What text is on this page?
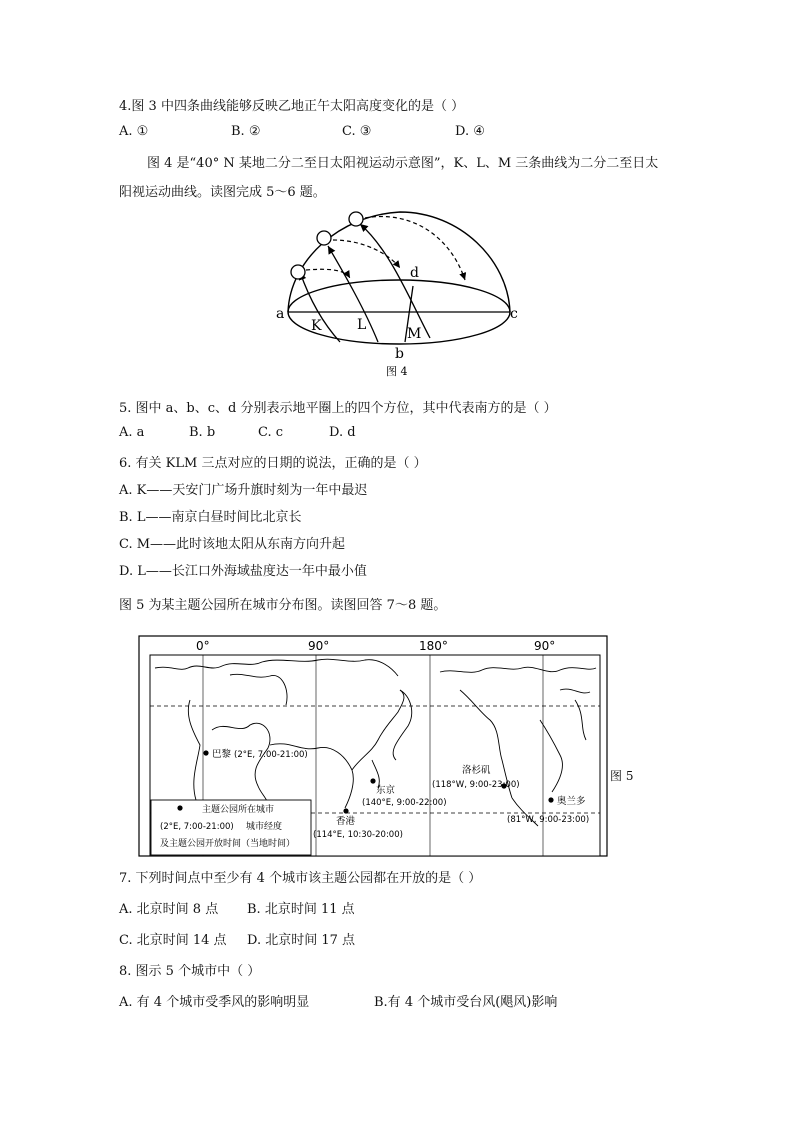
4.图 3 中四条曲线能够反映乙地正午太阳高度变化的是（ ）
A. ①	B. ②	C. ③	D. ④
图 4 是“40° N 某地二分二至日太阳视运动示意图”，K、L、M 三条曲线为二分二至日太
阳视运动曲线。读图完成 5～6 题。
a	c
b
d
K	L
M
图 4
5. 图中 a、b、c、d 分别表示地平圈上的四个方位，其中代表南方的是（ ）
A. a	B. b	C. c	D. d
6. 有关 KLM 三点对应的日期的说法，正确的是（ ）
A. K——天安门广场升旗时刻为一年中最迟
B. L——南京白昼时间比北京长
C. M——此时该地太阳从东南方向升起
D. L——长江口外海域盐度达一年中最小值
图 5 为某主题公园所在城市分布图。读图回答 7～8 题。
0°	90°	180°	90°
巴黎 (2°E, 7:00-21:00)
东京
(140°E, 9:00-22:00)
香港
(114°E, 10:30-20:00)
洛杉矶
(118°W, 9:00-23:00)
奥兰多
(81°W, 9:00-23:00)
主题公园所在城市
(2°E, 7:00-21:00) 城市经度
及主题公园开放时间（当地时间）
图 5
7. 下列时间点中至少有 4 个城市该主题公园都在开放的是（ ）
A. 北京时间 8 点 B. 北京时间 11 点
C. 北京时间 14 点 D. 北京时间 17 点
8. 图示 5 个城市中（ ）
A. 有 4 个城市受季风的影响明显	B.有 4 个城市受台风(飓风)影响
